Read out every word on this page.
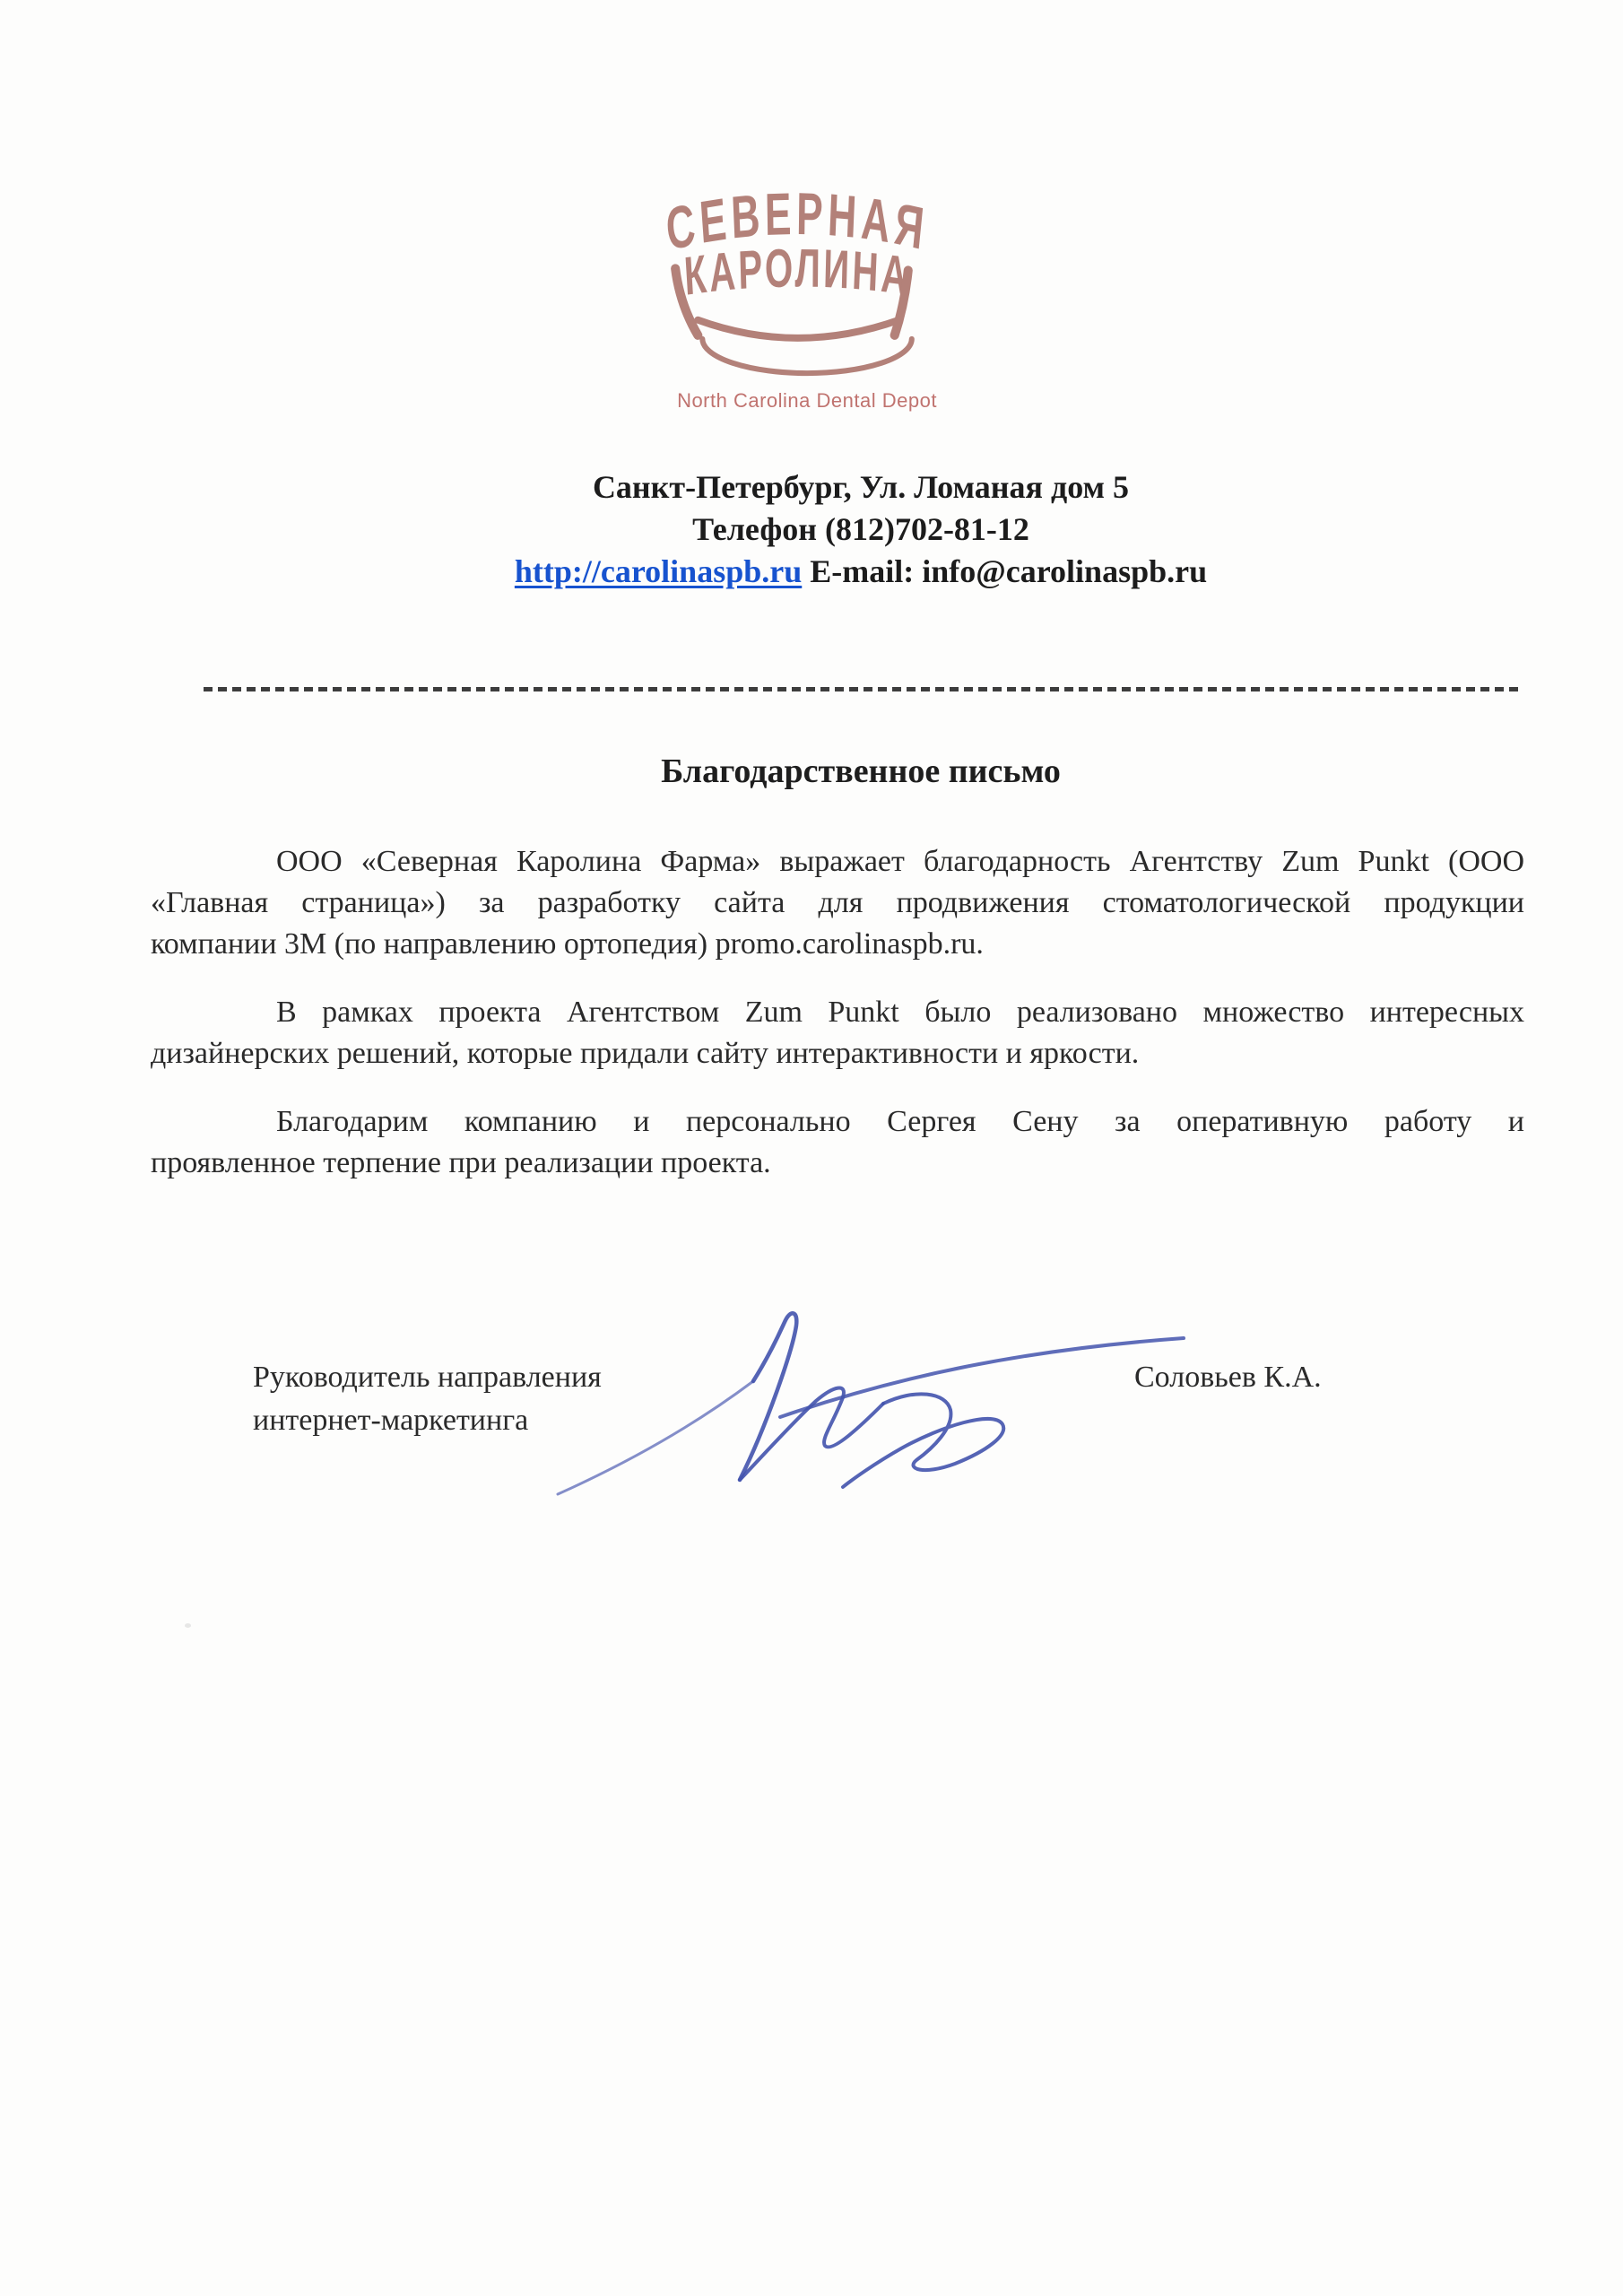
СЕВЕРНАЯ
КАРОЛИНА
North Carolina Dental Depot
Санкт-Петербург, Ул. Ломаная дом 5
Телефон (812)702-81-12
http://carolinaspb.ru E-mail: info@carolinaspb.ru
Благодарственное письмо
ООО «Северная Каролина Фарма» выражает благодарность Агентству Zum Punkt (ООО
«Главная страница») за разработку сайта для продвижения стоматологической продукции
компании 3М (по направлению ортопедия) promo.carolinaspb.ru.
В рамках проекта Агентством Zum Punkt было реализовано множество интересных
дизайнерских решений, которые придали сайту интерактивности и яркости.
Благодарим компанию и персонально Сергея Сену за оперативную работу и
проявленное терпение при реализации проекта.
Руководитель направления
интернет-маркетинга
Соловьев К.А.
